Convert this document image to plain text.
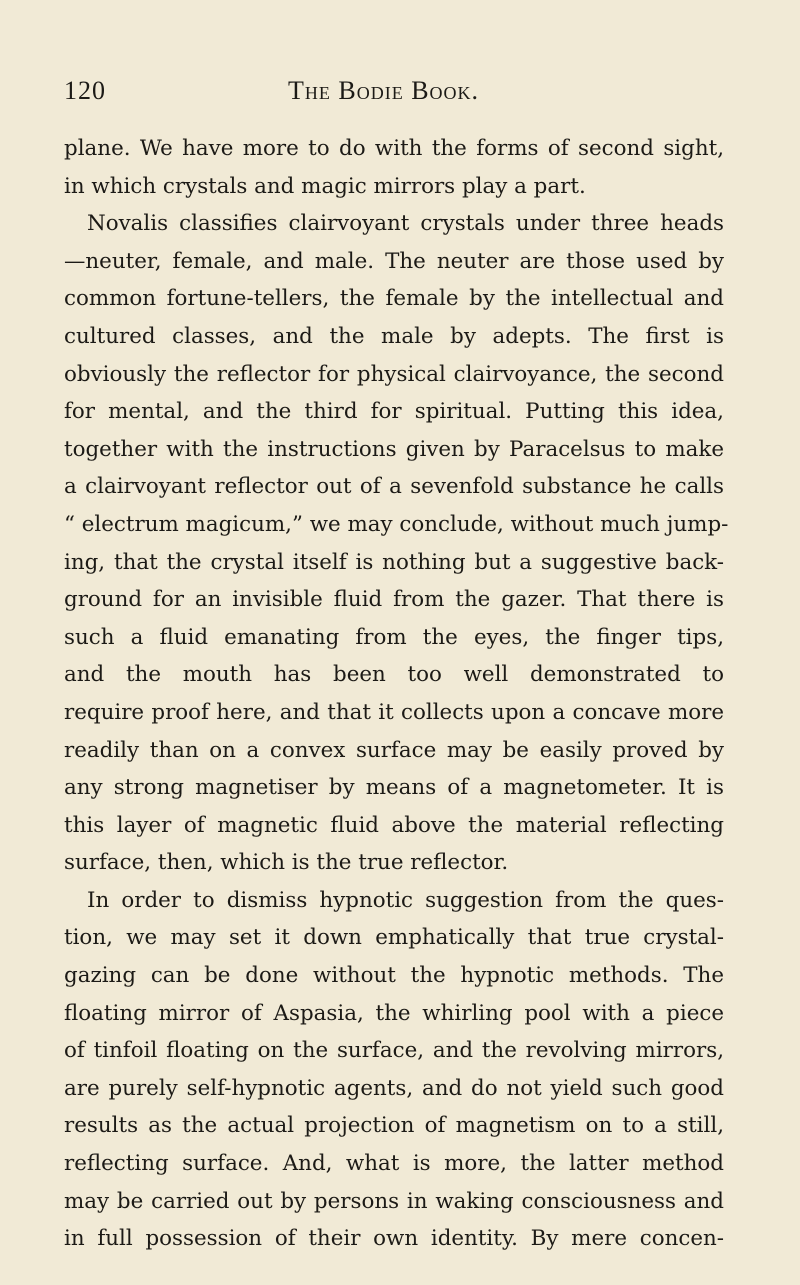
120	The Bodie Book.
plane. We have more to do with the forms of second sight,
in which crystals and magic mirrors play a part.
Novalis classifies clairvoyant crystals under three heads
—neuter, female, and male. The neuter are those used by
common fortune-tellers, the female by the intellectual and
cultured classes, and the male by adepts. The first is
obviously the reflector for physical clairvoyance, the second
for mental, and the third for spiritual. Putting this idea,
together with the instructions given by Paracelsus to make
a clairvoyant reflector out of a sevenfold substance he calls
“ electrum magicum,” we may conclude, without much jump-
ing, that the crystal itself is nothing but a suggestive back-
ground for an invisible fluid from the gazer. That there is
such a fluid emanating from the eyes, the finger tips,
and the mouth has been too well demonstrated to
require proof here, and that it collects upon a concave more
readily than on a convex surface may be easily proved by
any strong magnetiser by means of a magnetometer. It is
this layer of magnetic fluid above the material reflecting
surface, then, which is the true reflector.
In order to dismiss hypnotic suggestion from the ques-
tion, we may set it down emphatically that true crystal-
gazing can be done without the hypnotic methods. The
floating mirror of Aspasia, the whirling pool with a piece
of tinfoil floating on the surface, and the revolving mirrors,
are purely self-hypnotic agents, and do not yield such good
results as the actual projection of magnetism on to a still,
reflecting surface. And, what is more, the latter method
may be carried out by persons in waking consciousness and
in full possession of their own identity. By mere concen-
